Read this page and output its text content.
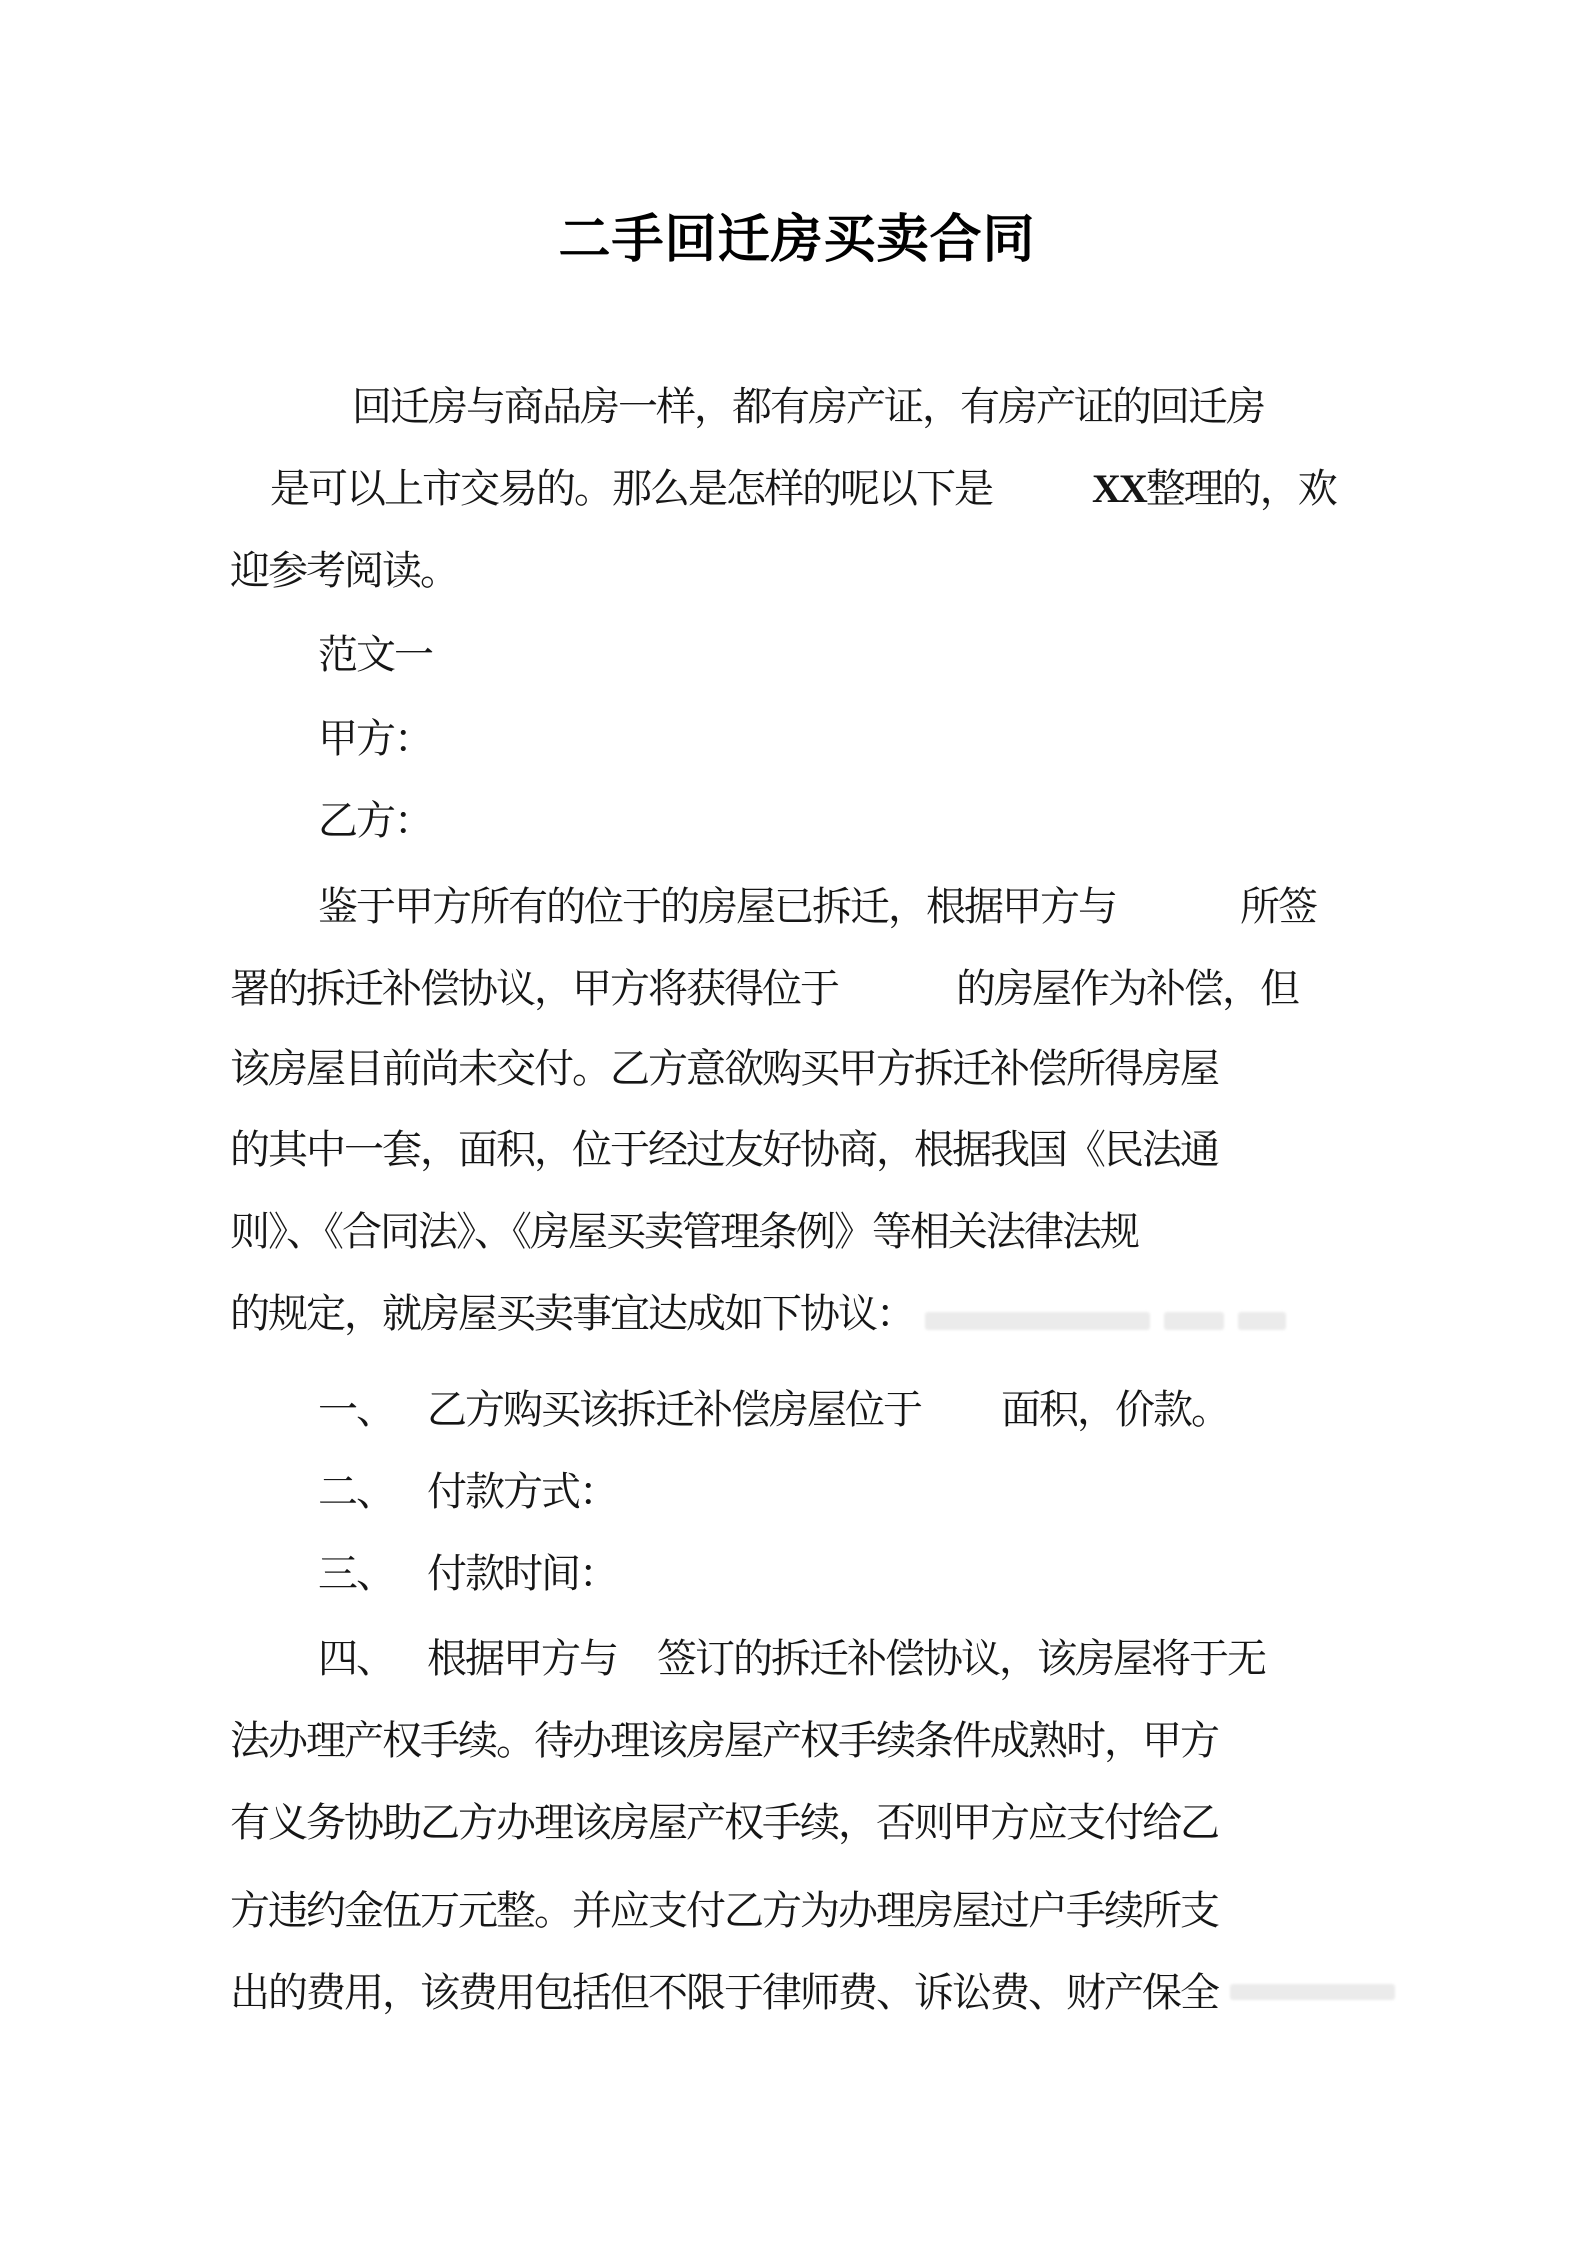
二手回迁房买卖合同
回迁房与商品房一样，都有房产证，有房产证的回迁房
是可以上市交易的。那么是怎样的呢以下是	XX整理的，欢
迎参考阅读。
范文一
甲方：
乙方：
鉴于甲方所有的位于的房屋已拆迁，根据甲方与	所签
署的拆迁补偿协议，甲方将获得位于	的房屋作为补偿，但
该房屋目前尚未交付。乙方意欲购买甲方拆迁补偿所得房屋
的其中一套，面积，位于经过友好协商，根据我国《民法通
则》、《合同法》、《房屋买卖管理条例》等相关法律法规
的规定，就房屋买卖事宜达成如下协议：
一、 乙方购买该拆迁补偿房屋位于 面积，价款。
二、 付款方式：
三、 付款时间：
四、 根据甲方与 签订的拆迁补偿协议，该房屋将于无
法办理产权手续。待办理该房屋产权手续条件成熟时，甲方
有义务协助乙方办理该房屋产权手续，否则甲方应支付给乙
方违约金伍万元整。并应支付乙方为办理房屋过户手续所支
出的费用，该费用包括但不限于律师费、诉讼费、财产保全
